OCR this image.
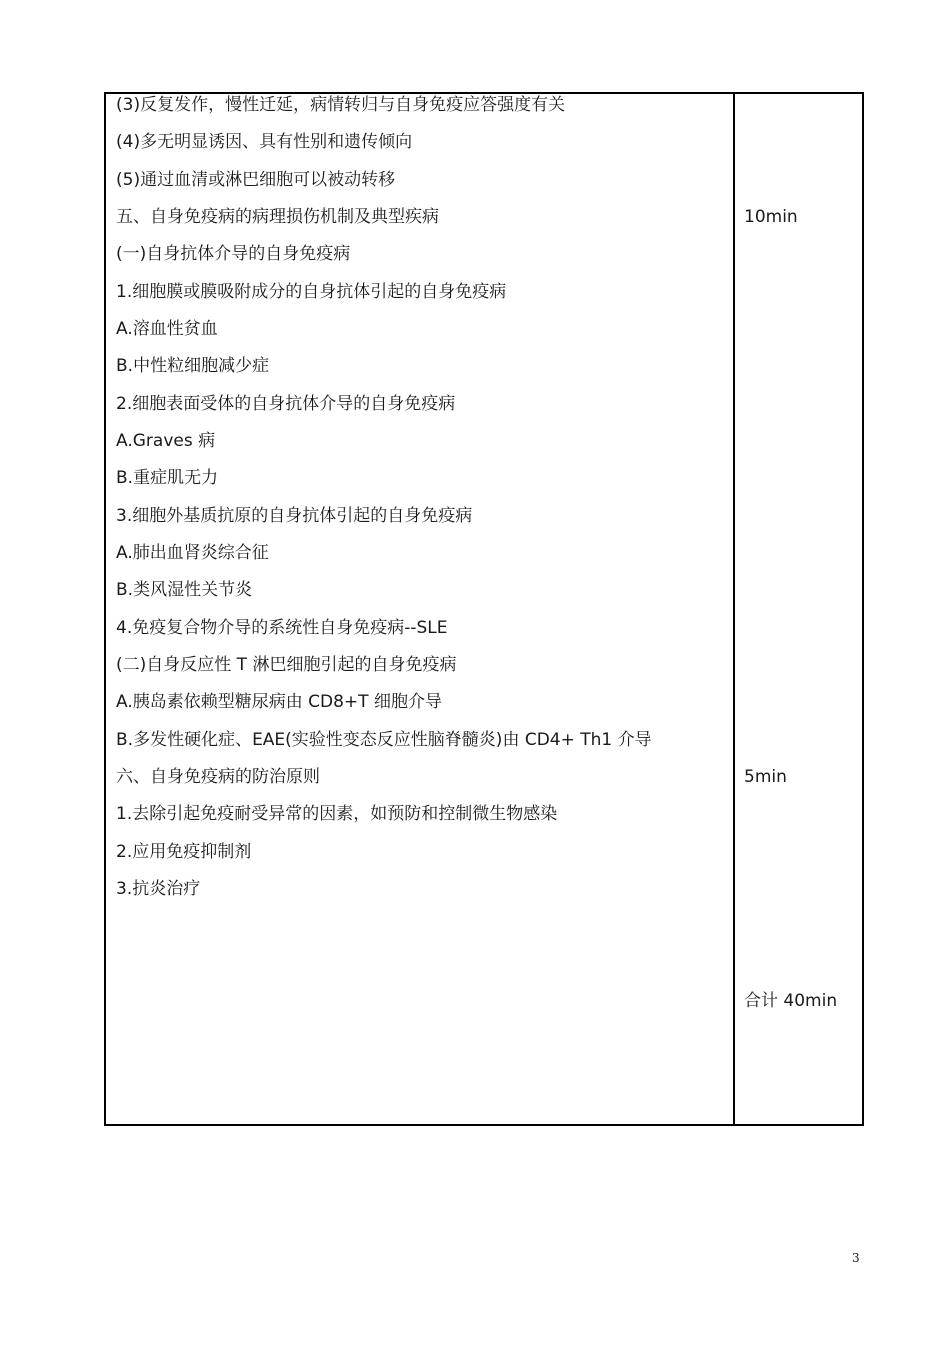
(3)反复发作，慢性迁延，病情转归与自身免疫应答强度有关
(4)多无明显诱因、具有性别和遗传倾向
(5)通过血清或淋巴细胞可以被动转移
五、自身免疫病的病理损伤机制及典型疾病
(一)自身抗体介导的自身免疫病
1.细胞膜或膜吸附成分的自身抗体引起的自身免疫病
A.溶血性贫血
B.中性粒细胞减少症
2.细胞表面受体的自身抗体介导的自身免疫病
A.Graves 病
B.重症肌无力
3.细胞外基质抗原的自身抗体引起的自身免疫病
A.肺出血肾炎综合征
B.类风湿性关节炎
4.免疫复合物介导的系统性自身免疫病--SLE
(二)自身反应性 T 淋巴细胞引起的自身免疫病
A.胰岛素依赖型糖尿病由 CD8+T 细胞介导
B.多发性硬化症、EAE(实验性变态反应性脑脊髓炎)由 CD4+ Th1 介导
六、自身免疫病的防治原则
1.去除引起免疫耐受异常的因素，如预防和控制微生物感染
2.应用免疫抑制剂
3.抗炎治疗
10min
5min
合计 40min
3
